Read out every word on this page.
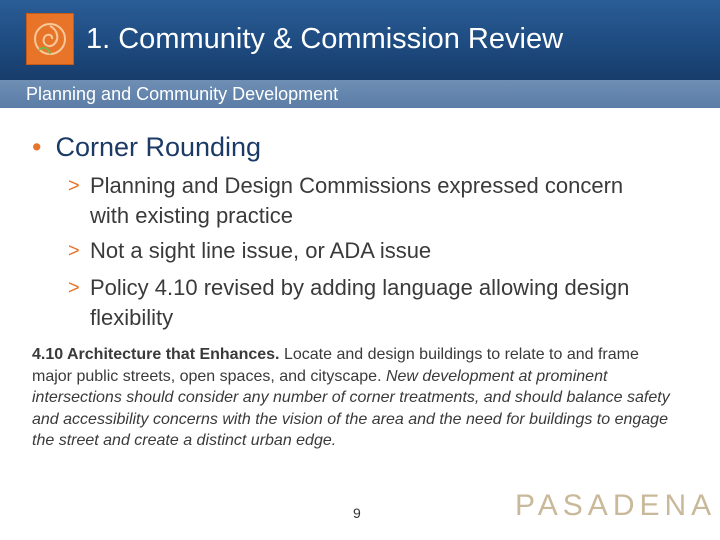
1. Community & Commission Review
Planning and Community Development
• Corner Rounding
> Planning and Design Commissions expressed concern with existing practice
> Not a sight line issue, or ADA issue
> Policy 4.10 revised by adding language allowing design flexibility
4.10 Architecture that Enhances. Locate and design buildings to relate to and frame major public streets, open spaces, and cityscape. New development at prominent intersections should consider any number of corner treatments, and should balance safety and accessibility concerns with the vision of the area and the need for buildings to engage the street and create a distinct urban edge.
9	PASADENA
